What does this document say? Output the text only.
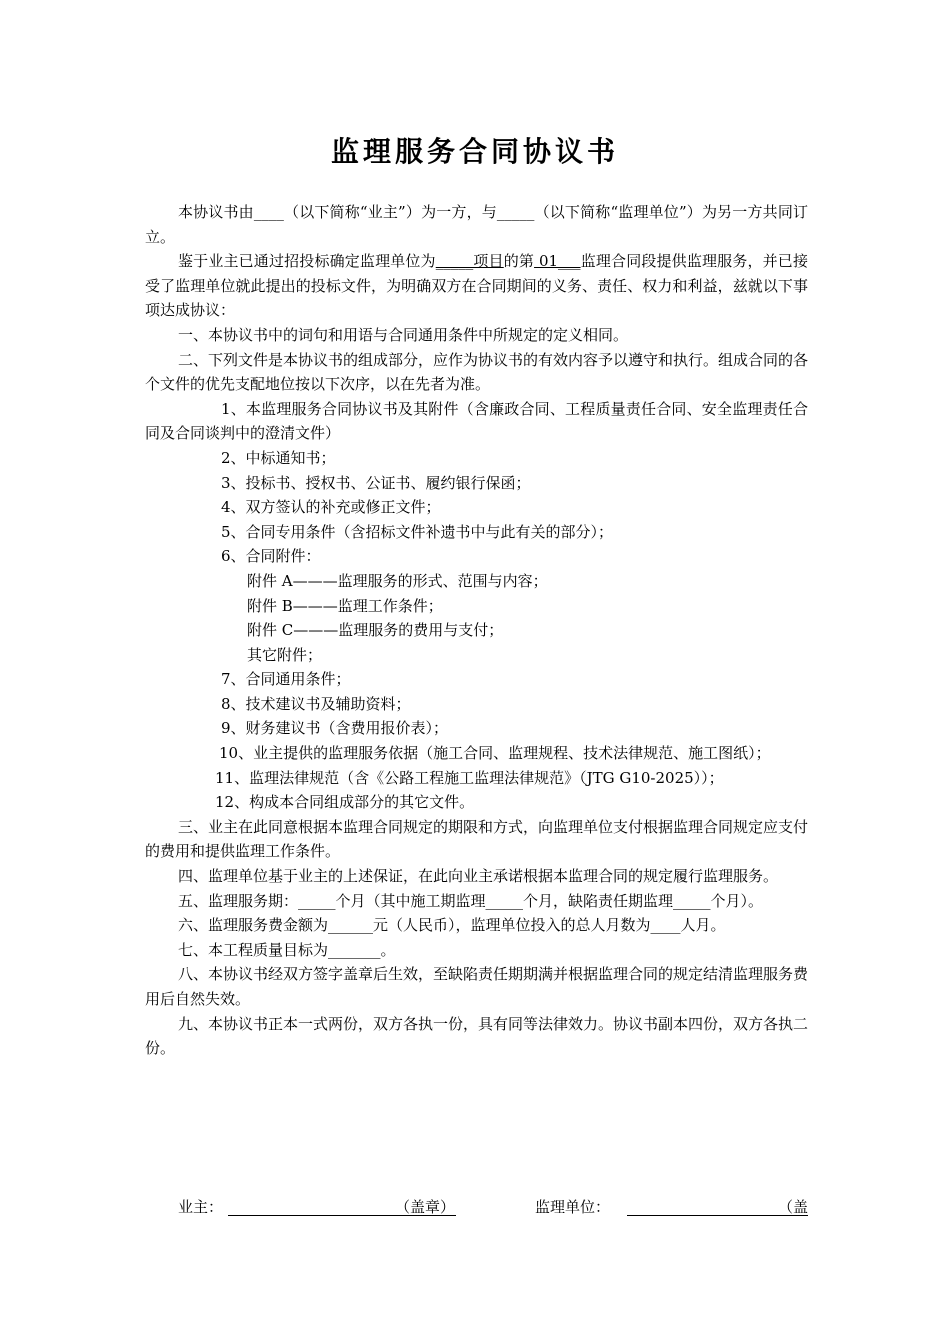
监理服务合同协议书

本协议书由____（以下简称“业主”）为一方，与_____（以下简称“监理单位”）为另一方共同订立。

鉴于业主已通过招投标确定监理单位为_____项目的第 01___监理合同段提供监理服务，并已接受了监理单位就此提出的投标文件，为明确双方在合同期间的义务、责任、权力和利益，兹就以下事项达成协议：

一、本协议书中的词句和用语与合同通用条件中所规定的定义相同。

二、下列文件是本协议书的组成部分，应作为协议书的有效内容予以遵守和执行。组成合同的各个文件的优先支配地位按以下次序，以在先者为准。

1、本监理服务合同协议书及其附件（含廉政合同、工程质量责任合同、安全监理责任合同及合同谈判中的澄清文件）

2、中标通知书；

3、投标书、授权书、公证书、履约银行保函；

4、双方签认的补充或修正文件；

5、合同专用条件（含招标文件补遗书中与此有关的部分）；

6、合同附件：

附件 A———监理服务的形式、范围与内容；

附件 B———监理工作条件；

附件 C———监理服务的费用与支付；

其它附件；

7、合同通用条件；

8、技术建议书及辅助资料；

9、财务建议书（含费用报价表）；

10、业主提供的监理服务依据（施工合同、监理规程、技术法律规范、施工图纸）；

11、监理法律规范（含《公路工程施工监理法律规范》（JTG G10-2025））；

12、构成本合同组成部分的其它文件。

三、业主在此同意根据本监理合同规定的期限和方式，向监理单位支付根据监理合同规定应支付的费用和提供监理工作条件。

四、监理单位基于业主的上述保证，在此向业主承诺根据本监理合同的规定履行监理服务。

五、监理服务期：_____个月（其中施工期监理_____个月，缺陷责任期监理_____个月）。

六、监理服务费金额为______元（人民币），监理单位投入的总人月数为____人月。

七、本工程质量目标为_______。

八、本协议书经双方签字盖章后生效，至缺陷责任期期满并根据监理合同的规定结清监理服务费用后自然失效。

九、本协议书正本一式两份，双方各执一份，具有同等法律效力。协议书副本四份，双方各执二份。

业主：	（盖章）	监理单位：	（盖
